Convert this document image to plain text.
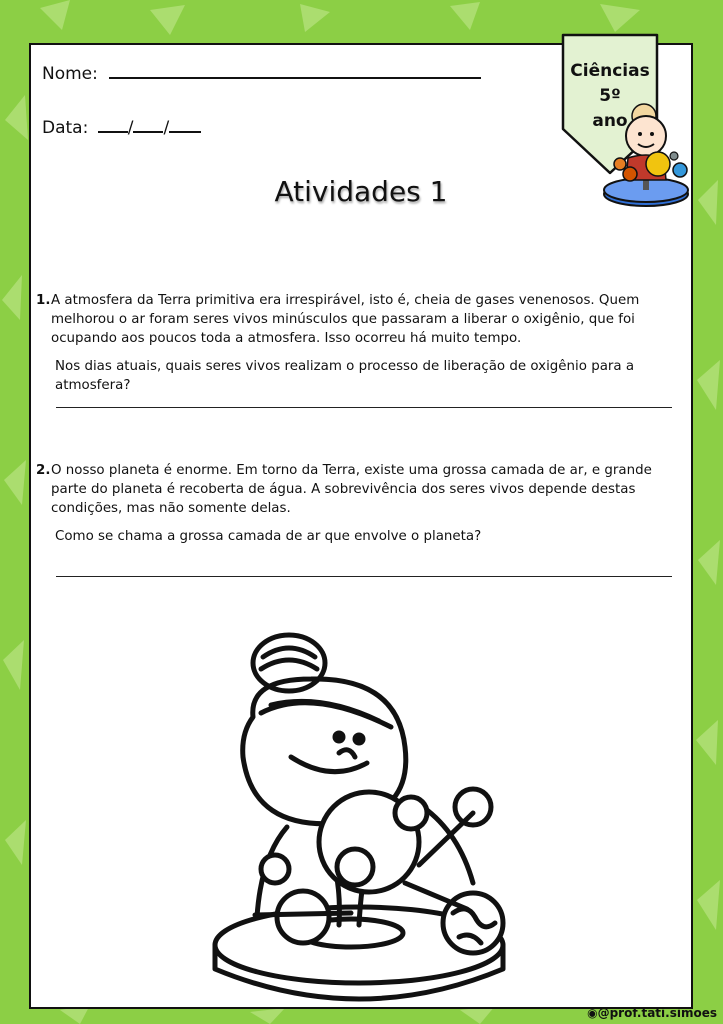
Nome:
Data: / /
Ciências
5º
ano
Atividades 1
1. A atmosfera da Terra primitiva era irrespirável, isto é, cheia de gases venenosos. Quem melhorou o ar foram seres vivos minúsculos que passaram a liberar o oxigênio, que foi ocupando aos poucos toda a atmosfera. Isso ocorreu há muito tempo.
Nos dias atuais, quais seres vivos realizam o processo de liberação de oxigênio para a atmosfera?
2. O nosso planeta é enorme. Em torno da Terra, existe uma grossa camada de ar, e grande parte do planeta é recoberta de água. A sobrevivência dos seres vivos depende destas condições, mas não somente delas.
Como se chama a grossa camada de ar que envolve o planeta?
◉@prof.tati.simoes
